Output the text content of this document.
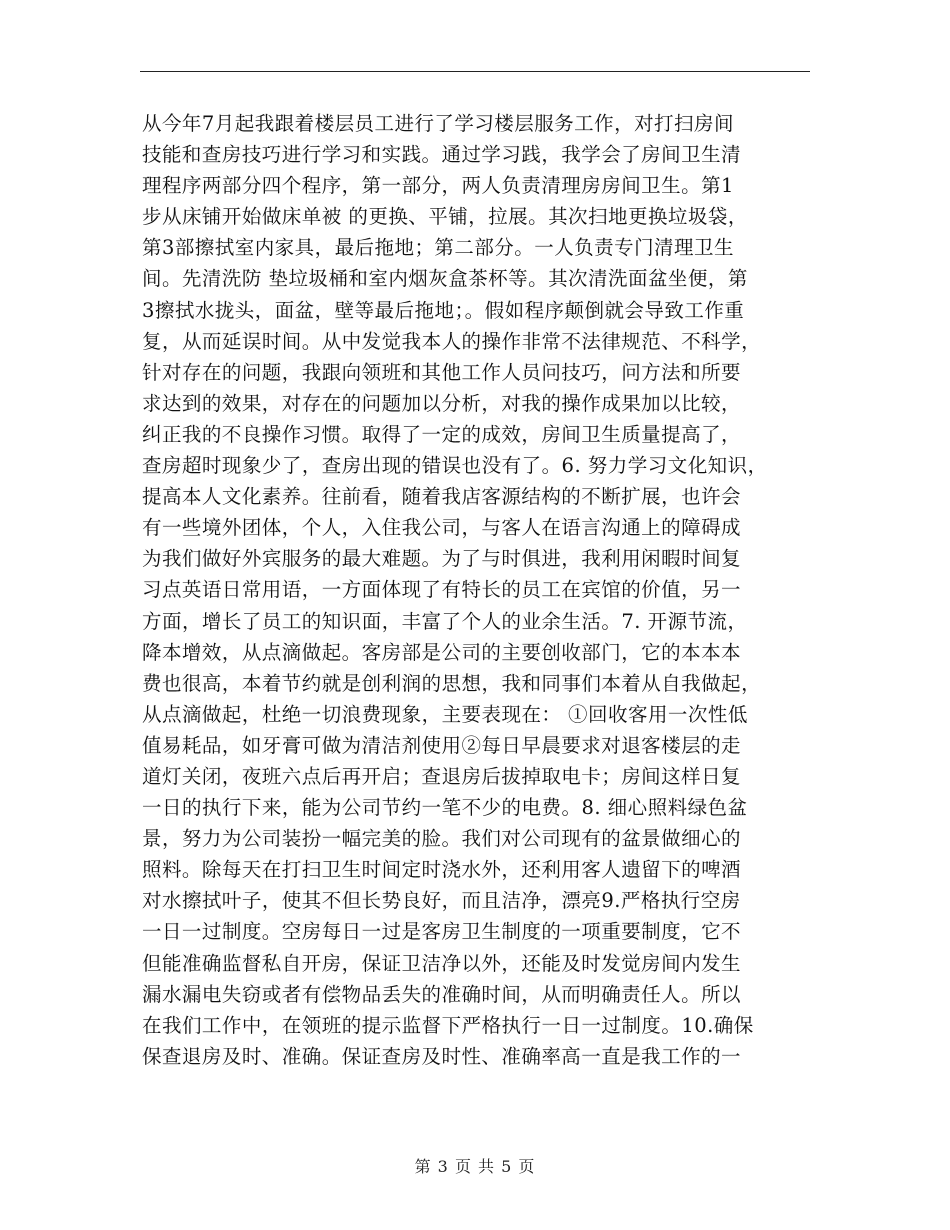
从今年7月起我跟着楼层员工进行了学习楼层服务工作，对打扫房间
技能和查房技巧进行学习和实践。通过学习践，我学会了房间卫生清
理程序两部分四个程序，第一部分，两人负责清理房房间卫生。第1
步从床铺开始做床单被 的更换、平铺，拉展。其次扫地更换垃圾袋，
第3部擦拭室内家具，最后拖地；第二部分。一人负责专门清理卫生
间。先清洗防 垫垃圾桶和室内烟灰盒茶杯等。其次清洗面盆坐便，第
3擦拭水拢头，面盆，壁等最后拖地；。假如程序颠倒就会导致工作重
复，从而延误时间。从中发觉我本人的操作非常不法律规范、不科学，
针对存在的问题，我跟向领班和其他工作人员问技巧，问方法和所要
求达到的效果，对存在的问题加以分析，对我的操作成果加以比较，
纠正我的不良操作习惯。取得了一定的成效，房间卫生质量提高了，
查房超时现象少了，查房出现的错误也没有了。6. 努力学习文化知识，
提高本人文化素养。往前看，随着我店客源结构的不断扩展，也许会
有一些境外团体，个人，入住我公司，与客人在语言沟通上的障碍成
为我们做好外宾服务的最大难题。为了与时俱进，我利用闲暇时间复
习点英语日常用语，一方面体现了有特长的员工在宾馆的价值，另一
方面，增长了员工的知识面，丰富了个人的业余生活。7. 开源节流，
降本增效，从点滴做起。客房部是公司的主要创收部门，它的本本本
费也很高，本着节约就是创利润的思想，我和同事们本着从自我做起，
从点滴做起，杜绝一切浪费现象，主要表现在： ①回收客用一次性低
值易耗品，如牙膏可做为清洁剂使用②每日早晨要求对退客楼层的走
道灯关闭，夜班六点后再开启；查退房后拔掉取电卡；房间这样日复
一日的执行下来，能为公司节约一笔不少的电费。8. 细心照料绿色盆
景，努力为公司装扮一幅完美的脸。我们对公司现有的盆景做细心的
照料。除每天在打扫卫生时间定时浇水外，还利用客人遗留下的啤酒
对水擦拭叶子，使其不但长势良好，而且洁净，漂亮9.严格执行空房
一日一过制度。空房每日一过是客房卫生制度的一项重要制度，它不
但能准确监督私自开房，保证卫洁净以外，还能及时发觉房间内发生
漏水漏电失窃或者有偿物品丢失的准确时间，从而明确责任人。所以
在我们工作中，在领班的提示监督下严格执行一日一过制度。10.确保
保查退房及时、准确。保证查房及时性、准确率高一直是我工作的一
第 3 页 共 5 页
